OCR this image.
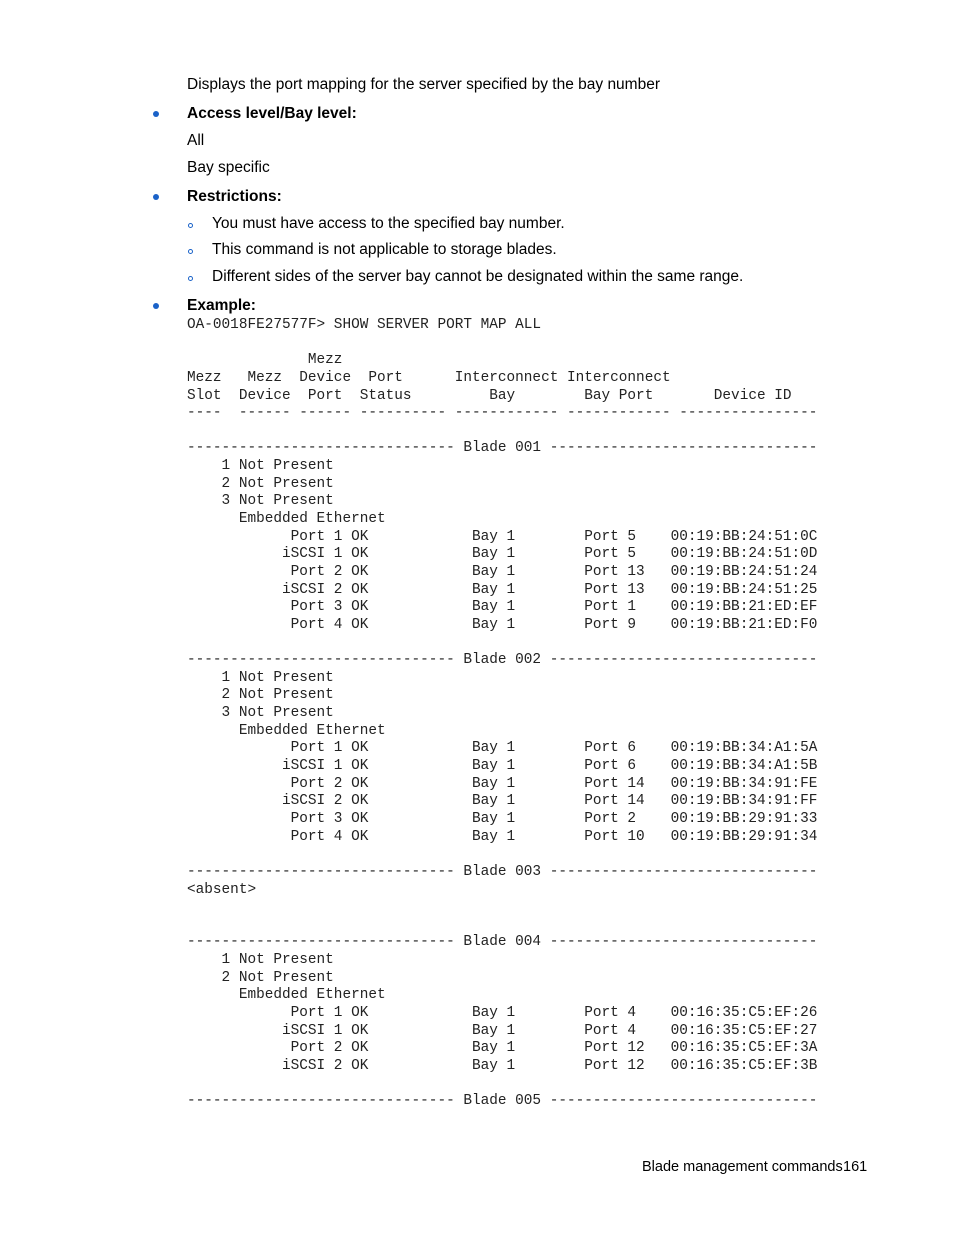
Displays the port mapping for the server specified by the bay number
Access level/Bay level:
All
Bay specific
Restrictions:
You must have access to the specified bay number.
This command is not applicable to storage blades.
Different sides of the server bay cannot be designated within the same range.
Example:
OA-0018FE27577F> SHOW SERVER PORT MAP ALL

Mezz
Mezz   Mezz  Device  Port      Interconnect Interconnect
Slot  Device  Port  Status         Bay        Bay Port       Device ID
----  ------ ------ ---------- ------------ ------------ ----------------

------------------------------- Blade 001 -------------------------------
1 Not Present
2 Not Present
3 Not Present
Embedded Ethernet
Port 1 OK            Bay 1        Port 5    00:19:BB:24:51:0C
iSCSI 1 OK            Bay 1        Port 5    00:19:BB:24:51:0D
Port 2 OK            Bay 1        Port 13   00:19:BB:24:51:24
iSCSI 2 OK            Bay 1        Port 13   00:19:BB:24:51:25
Port 3 OK            Bay 1        Port 1    00:19:BB:21:ED:EF
Port 4 OK            Bay 1        Port 9    00:19:BB:21:ED:F0

------------------------------- Blade 002 -------------------------------
1 Not Present
2 Not Present
3 Not Present
Embedded Ethernet
Port 1 OK            Bay 1        Port 6    00:19:BB:34:A1:5A
iSCSI 1 OK            Bay 1        Port 6    00:19:BB:34:A1:5B
Port 2 OK            Bay 1        Port 14   00:19:BB:34:91:FE
iSCSI 2 OK            Bay 1        Port 14   00:19:BB:34:91:FF
Port 3 OK            Bay 1        Port 2    00:19:BB:29:91:33
Port 4 OK            Bay 1        Port 10   00:19:BB:29:91:34

------------------------------- Blade 003 -------------------------------
<absent>

------------------------------- Blade 004 -------------------------------
1 Not Present
2 Not Present
Embedded Ethernet
Port 1 OK            Bay 1        Port 4    00:16:35:C5:EF:26
iSCSI 1 OK            Bay 1        Port 4    00:16:35:C5:EF:27
Port 2 OK            Bay 1        Port 12   00:16:35:C5:EF:3A
iSCSI 2 OK            Bay 1        Port 12   00:16:35:C5:EF:3B

------------------------------- Blade 005 -------------------------------
Blade management commands 161
